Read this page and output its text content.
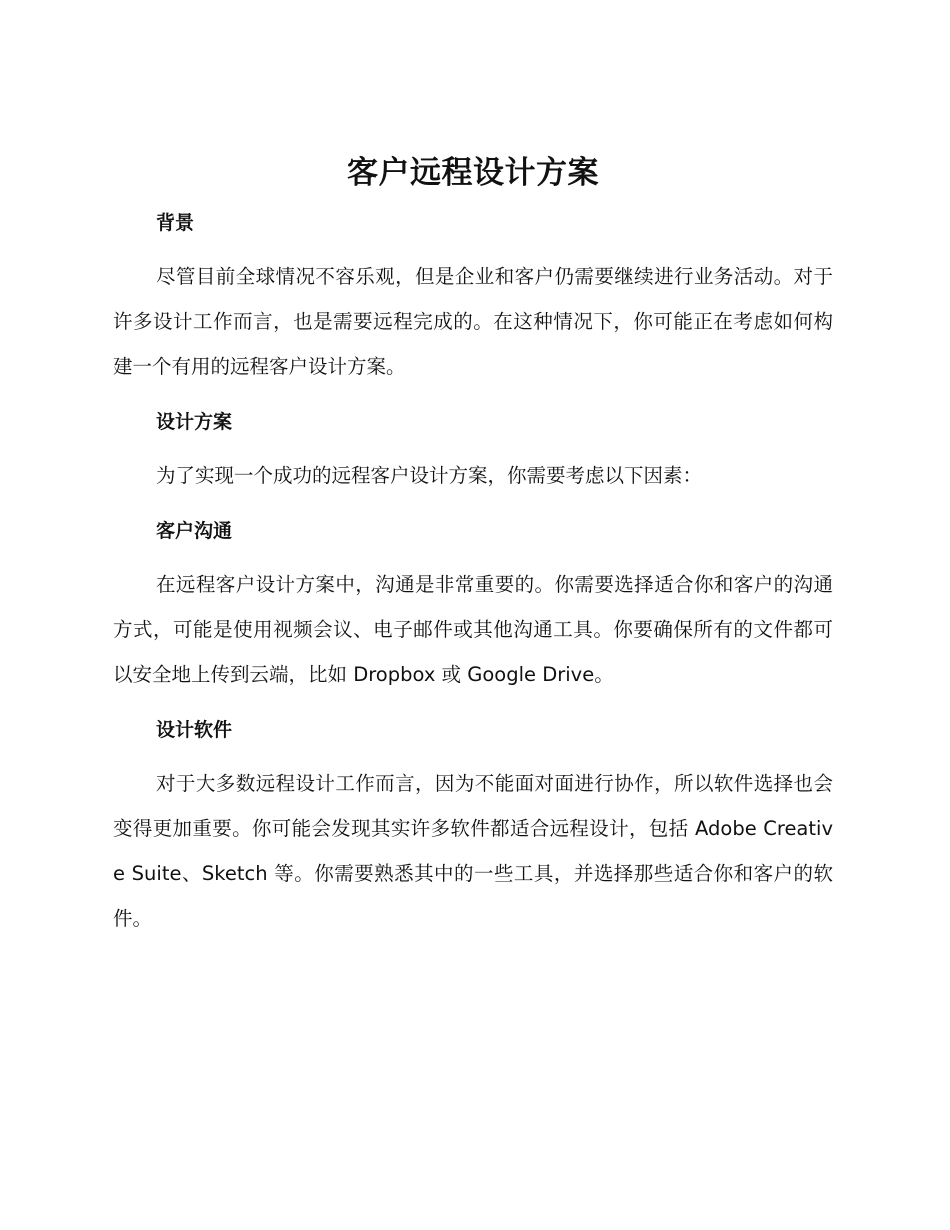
客户远程设计方案
背景

尽管目前全球情况不容乐观，但是企业和客户仍需要继续进行业务活动。对于许多设计工作而言，也是需要远程完成的。在这种情况下，你可能正在考虑如何构建一个有用的远程客户设计方案。

设计方案

为了实现一个成功的远程客户设计方案，你需要考虑以下因素：

客户沟通

在远程客户设计方案中，沟通是非常重要的。你需要选择适合你和客户的沟通方式，可能是使用视频会议、电子邮件或其他沟通工具。你要确保所有的文件都可以安全地上传到云端，比如 Dropbox 或 Google Drive。

设计软件

对于大多数远程设计工作而言，因为不能面对面进行协作，所以软件选择也会变得更加重要。你可能会发现其实许多软件都适合远程设计，包括 Adobe Creative Suite、Sketch 等。你需要熟悉其中的一些工具，并选择那些适合你和客户的软件。
